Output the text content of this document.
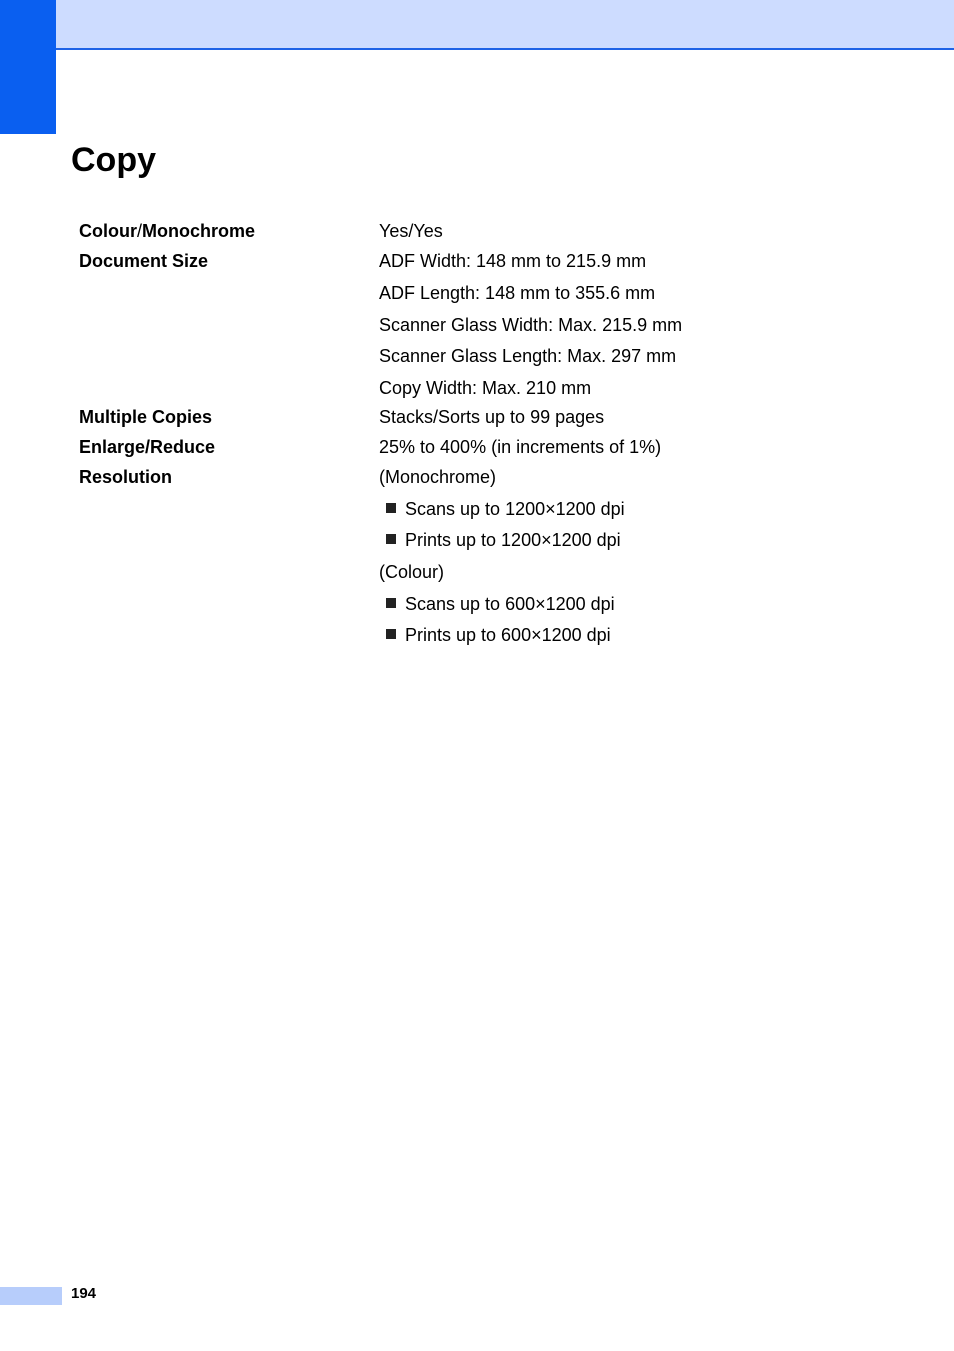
Copy
Colour/Monochrome	Yes/Yes
Document Size	ADF Width: 148 mm to 215.9 mm
ADF Length: 148 mm to 355.6 mm
Scanner Glass Width: Max. 215.9 mm
Scanner Glass Length: Max. 297 mm
Copy Width: Max. 210 mm
Multiple Copies	Stacks/Sorts up to 99 pages
Enlarge/Reduce	25% to 400% (in increments of 1%)
Resolution	(Monochrome)
Scans up to 1200×1200 dpi
Prints up to 1200×1200 dpi
(Colour)
Scans up to 600×1200 dpi
Prints up to 600×1200 dpi
194
